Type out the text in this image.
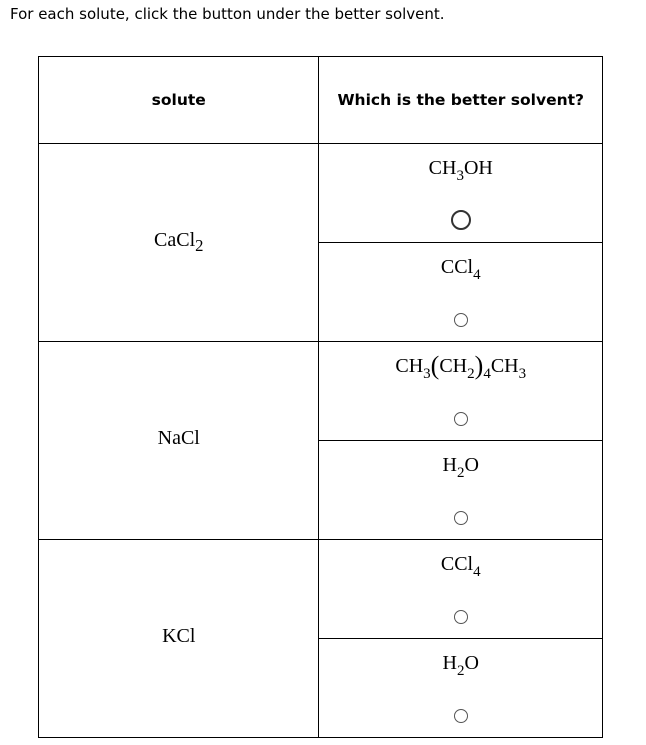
For each solute, click the button under the better solvent.

solute	Which is the better solvent?
CaCl$_2$	$CH_3OH$

	CCl$_4$

NaCl	$CH_3(CH_2)_4CH_3$

	$H_2O$

KCl	CCl$_4$

	$H_2O$
